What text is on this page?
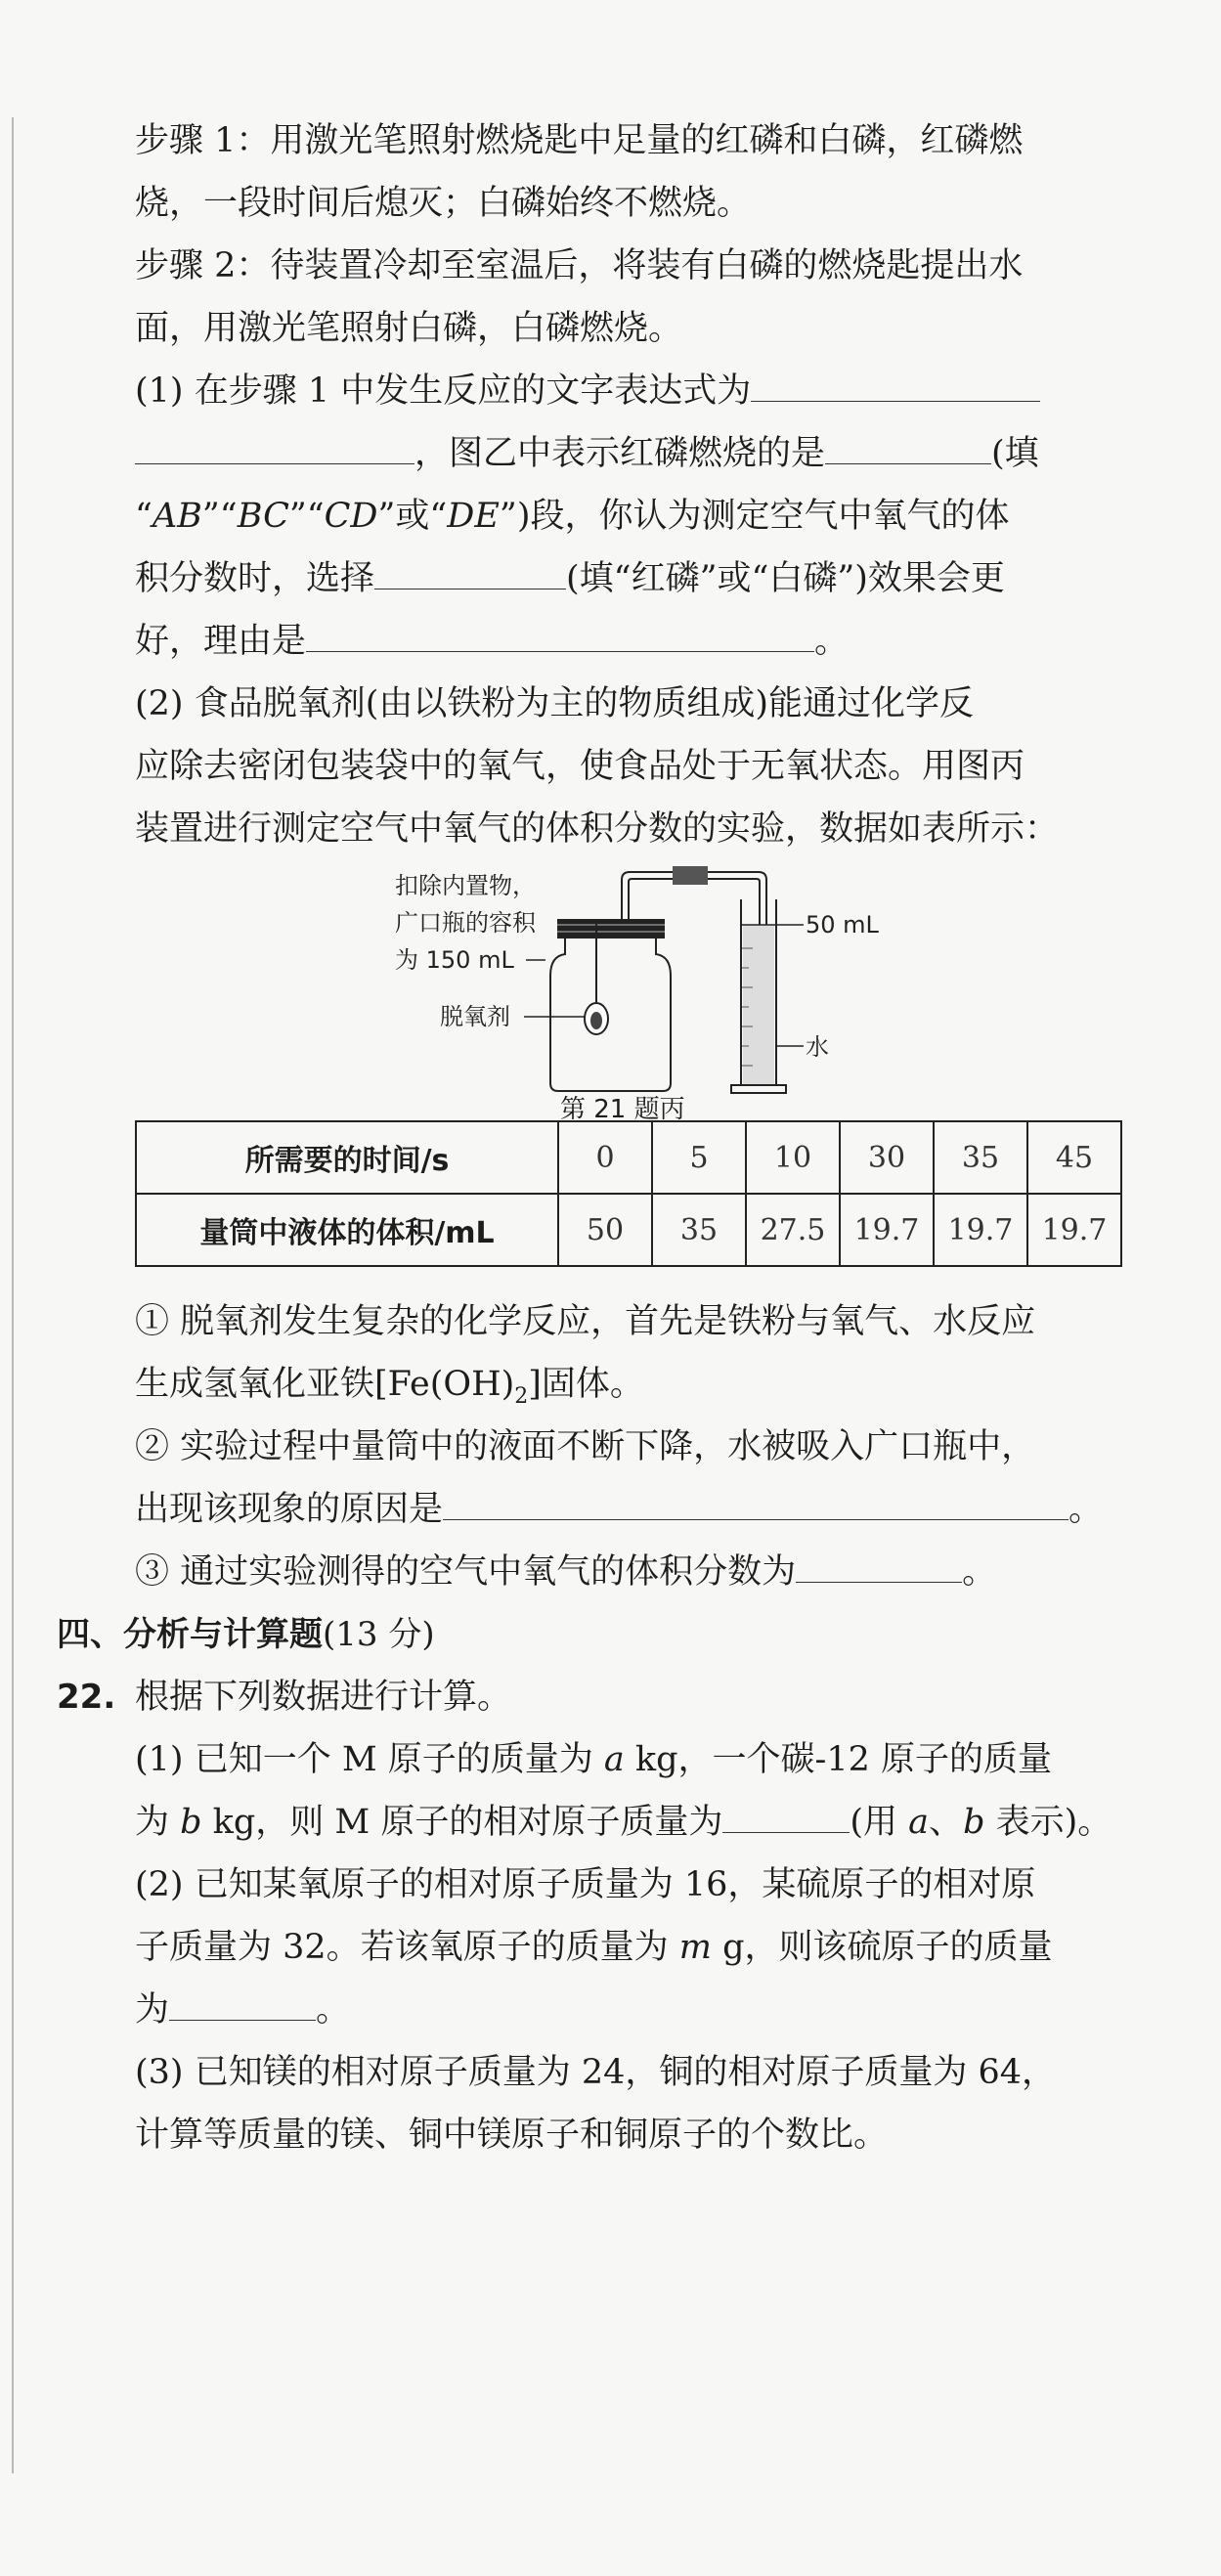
步骤 1：用激光笔照射燃烧匙中足量的红磷和白磷，红磷燃
烧，一段时间后熄灭；白磷始终不燃烧。
步骤 2：待装置冷却至室温后，将装有白磷的燃烧匙提出水
面，用激光笔照射白磷，白磷燃烧。
(1) 在步骤 1 中发生反应的文字表达式为
，图乙中表示红磷燃烧的是	(填
“AB”“BC”“CD”或“DE”)段，你认为测定空气中氧气的体
积分数时，选择	(填“红磷”或“白磷”)效果会更
好，理由是	。
(2) 食品脱氧剂(由以铁粉为主的物质组成)能通过化学反
应除去密闭包装袋中的氧气，使食品处于无氧状态。用图丙
装置进行测定空气中氧气的体积分数的实验，数据如表所示：
扣除内置物，
广口瓶的容积
为 150 mL
脱氧剂
50 mL
水
第 21 题丙
所需要的时间/s	0	5	10	30	35	45
量筒中液体的体积/mL	50	35	27.5	19.7	19.7	19.7
① 脱氧剂发生复杂的化学反应，首先是铁粉与氧气、水反应
生成氢氧化亚铁$[Fe(OH)_2]$固体。
② 实验过程中量筒中的液面不断下降，水被吸入广口瓶中，
出现该现象的原因是	。
③ 通过实验测得的空气中氧气的体积分数为	。
四、分析与计算题(13 分)
22. 根据下列数据进行计算。
(1) 已知一个 M 原子的质量为 a kg，一个碳-12 原子的质量
为 b kg，则 M 原子的相对原子质量为	(用 a、b 表示)。
(2) 已知某氧原子的相对原子质量为 16，某硫原子的相对原
子质量为 32。若该氧原子的质量为 m g，则该硫原子的质量
为	。
(3) 已知镁的相对原子质量为 24，铜的相对原子质量为 64，
计算等质量的镁、铜中镁原子和铜原子的个数比。
